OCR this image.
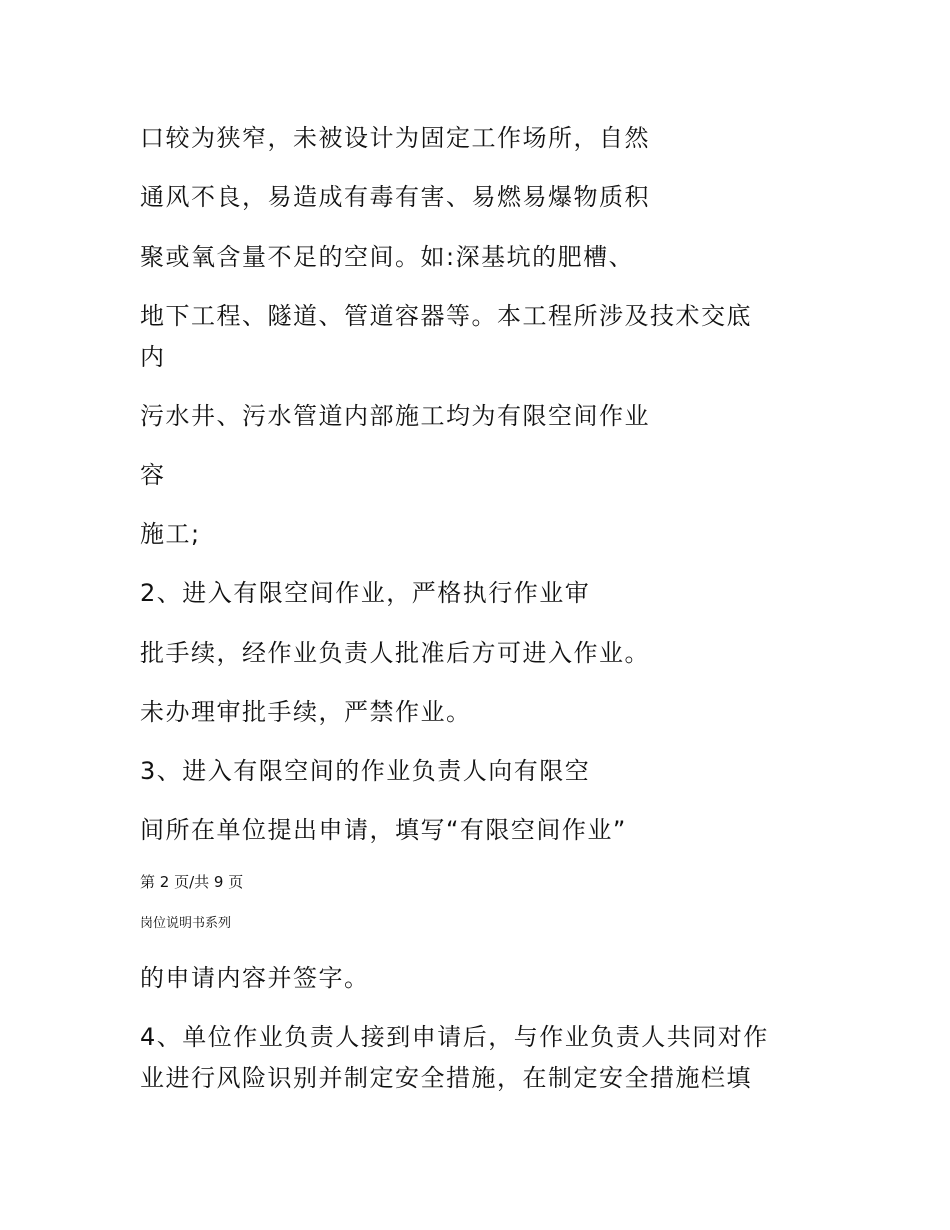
口较为狭窄，未被设计为固定工作场所，自然
通风不良，易造成有毒有害、易燃易爆物质积
聚或氧含量不足的空间。如:深基坑的肥槽、
地下工程、隧道、管道容器等。本工程所涉及技术交底
内
污水井、污水管道内部施工均为有限空间作业
容
施工;
2、进入有限空间作业，严格执行作业审
批手续，经作业负责人批准后方可进入作业。
未办理审批手续，严禁作业。
3、进入有限空间的作业负责人向有限空
间所在单位提出申请，填写“有限空间作业”
第 2 页/共 9 页
岗位说明书系列
的申请内容并签字。
4、单位作业负责人接到申请后，与作业负责人共同对作
业进行风险识别并制定安全措施，在制定安全措施栏填
